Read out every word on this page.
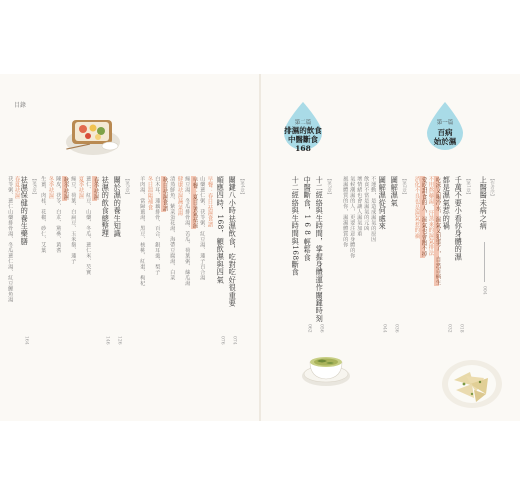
目錄
第一篇
百病
始於濕
第二篇
排濕的飲食
中醫斷食
168
【作者序】
上醫醫未病之病
004
【第1章】
千萬不要小看你身體的濕
都是濕氣惹的禍
吃冰又喝冷水，濕氣又犯事了，自然百病生
不用熬藥湯、汗蒸來的濕氣排法
愛吃甜食的人，濕氣也會跑不掉
消化不良也是濕氣惹的禍
018
032
【第2章】
圖解濕氣
圖解濕從何處來
不運動，是造成濕氣的原因
飲食不當是濕氣的元凶
壞情緒也會讓人濕氣加重
氣候潮濕的人，更要注意身體的你
風濕體質的你，濕濕體質的你
036
044
【第3章】
十二經絡與生時間，掌握身體運作關鍵時刻
中醫斷食，1 6 8 輕鬆食
十二經絡與生時間與168斷食
056
062
【第4章】
關鍵八小時祛濕飲食，吃對吃好很重要
順應四時，168，顧飲濕與四氣
早餐：春日祛濕食譜
山藥薏仁粥、茯苓粥、紅豆湯、蓮子百合湯
早餐：夏日暑氣祛濕
綠豆湯、冬瓜排骨湯、苦瓜、荷葉粥、絲瓜湯
健康祛濕蔬菜湯
清蒸鮮魚、紫菜蛋花湯、海帶豆腐湯、白菜
秋日祛濕食譜
白木耳、蓮藕排骨、百合、銀耳羹、梨子
冬日溫陽補食
羊肉湯、當歸薑湯、黑豆、核桃、紅棗、枸杞
074
076
【第5章】
關於濕的養生知識
祛濕的飲食總整理
春季祛濕
薏仁、紅豆、山藥、冬瓜、薏仁米、芡實
夏季祛濕
綠豆、荷葉、白扁豆、玉米鬚、蓮子
秋季祛濕
陳皮、茯苓、白朮、黨參、黃耆
冬季祛濕
生薑、肉桂、花椒、砂仁、艾葉
126
146
【第6章】
祛濕保健的養生藥膳
164
春夏祛濕
茯苓粥、薏仁山藥排骨湯、冬瓜薏仁湯、紅豆鯉魚湯
